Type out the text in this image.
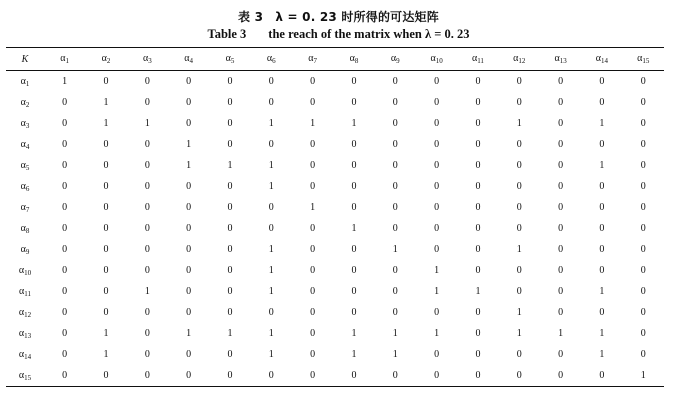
表 3　λ = 0. 23 时所得的可达矩阵
Table 3 the reach of the matrix when λ = 0. 23
K	$\alpha_1$	$\alpha_2$	$\alpha_3$	$\alpha_4$	$\alpha_5$	$\alpha_6$	$\alpha_7$	$\alpha_8$	$\alpha_9$	$\alpha_{10}$	$\alpha_{11}$	$\alpha_{12}$	$\alpha_{13}$	$\alpha_{14}$	$\alpha_{15}$
$\alpha_1$	1	0	0	0	0	0	0	0	0	0	0	0	0	0	0
$\alpha_2$	0	1	0	0	0	0	0	0	0	0	0	0	0	0	0
$\alpha_3$	0	1	1	0	0	1	1	1	0	0	0	1	0	1	0
$\alpha_4$	0	0	0	1	0	0	0	0	0	0	0	0	0	0	0
$\alpha_5$	0	0	0	1	1	1	0	0	0	0	0	0	0	1	0
$\alpha_6$	0	0	0	0	0	1	0	0	0	0	0	0	0	0	0
$\alpha_7$	0	0	0	0	0	0	1	0	0	0	0	0	0	0	0
$\alpha_8$	0	0	0	0	0	0	0	1	0	0	0	0	0	0	0
$\alpha_9$	0	0	0	0	0	1	0	0	1	0	0	1	0	0	0
$\alpha_{10}$	0	0	0	0	0	1	0	0	0	1	0	0	0	0	0
$\alpha_{11}$	0	0	1	0	0	1	0	0	0	1	1	0	0	1	0
$\alpha_{12}$	0	0	0	0	0	0	0	0	0	0	0	1	0	0	0
$\alpha_{13}$	0	1	0	1	1	1	0	1	1	1	0	1	1	1	0
$\alpha_{14}$	0	1	0	0	0	1	0	1	1	0	0	0	0	1	0
$\alpha_{15}$	0	0	0	0	0	0	0	0	0	0	0	0	0	0	1
